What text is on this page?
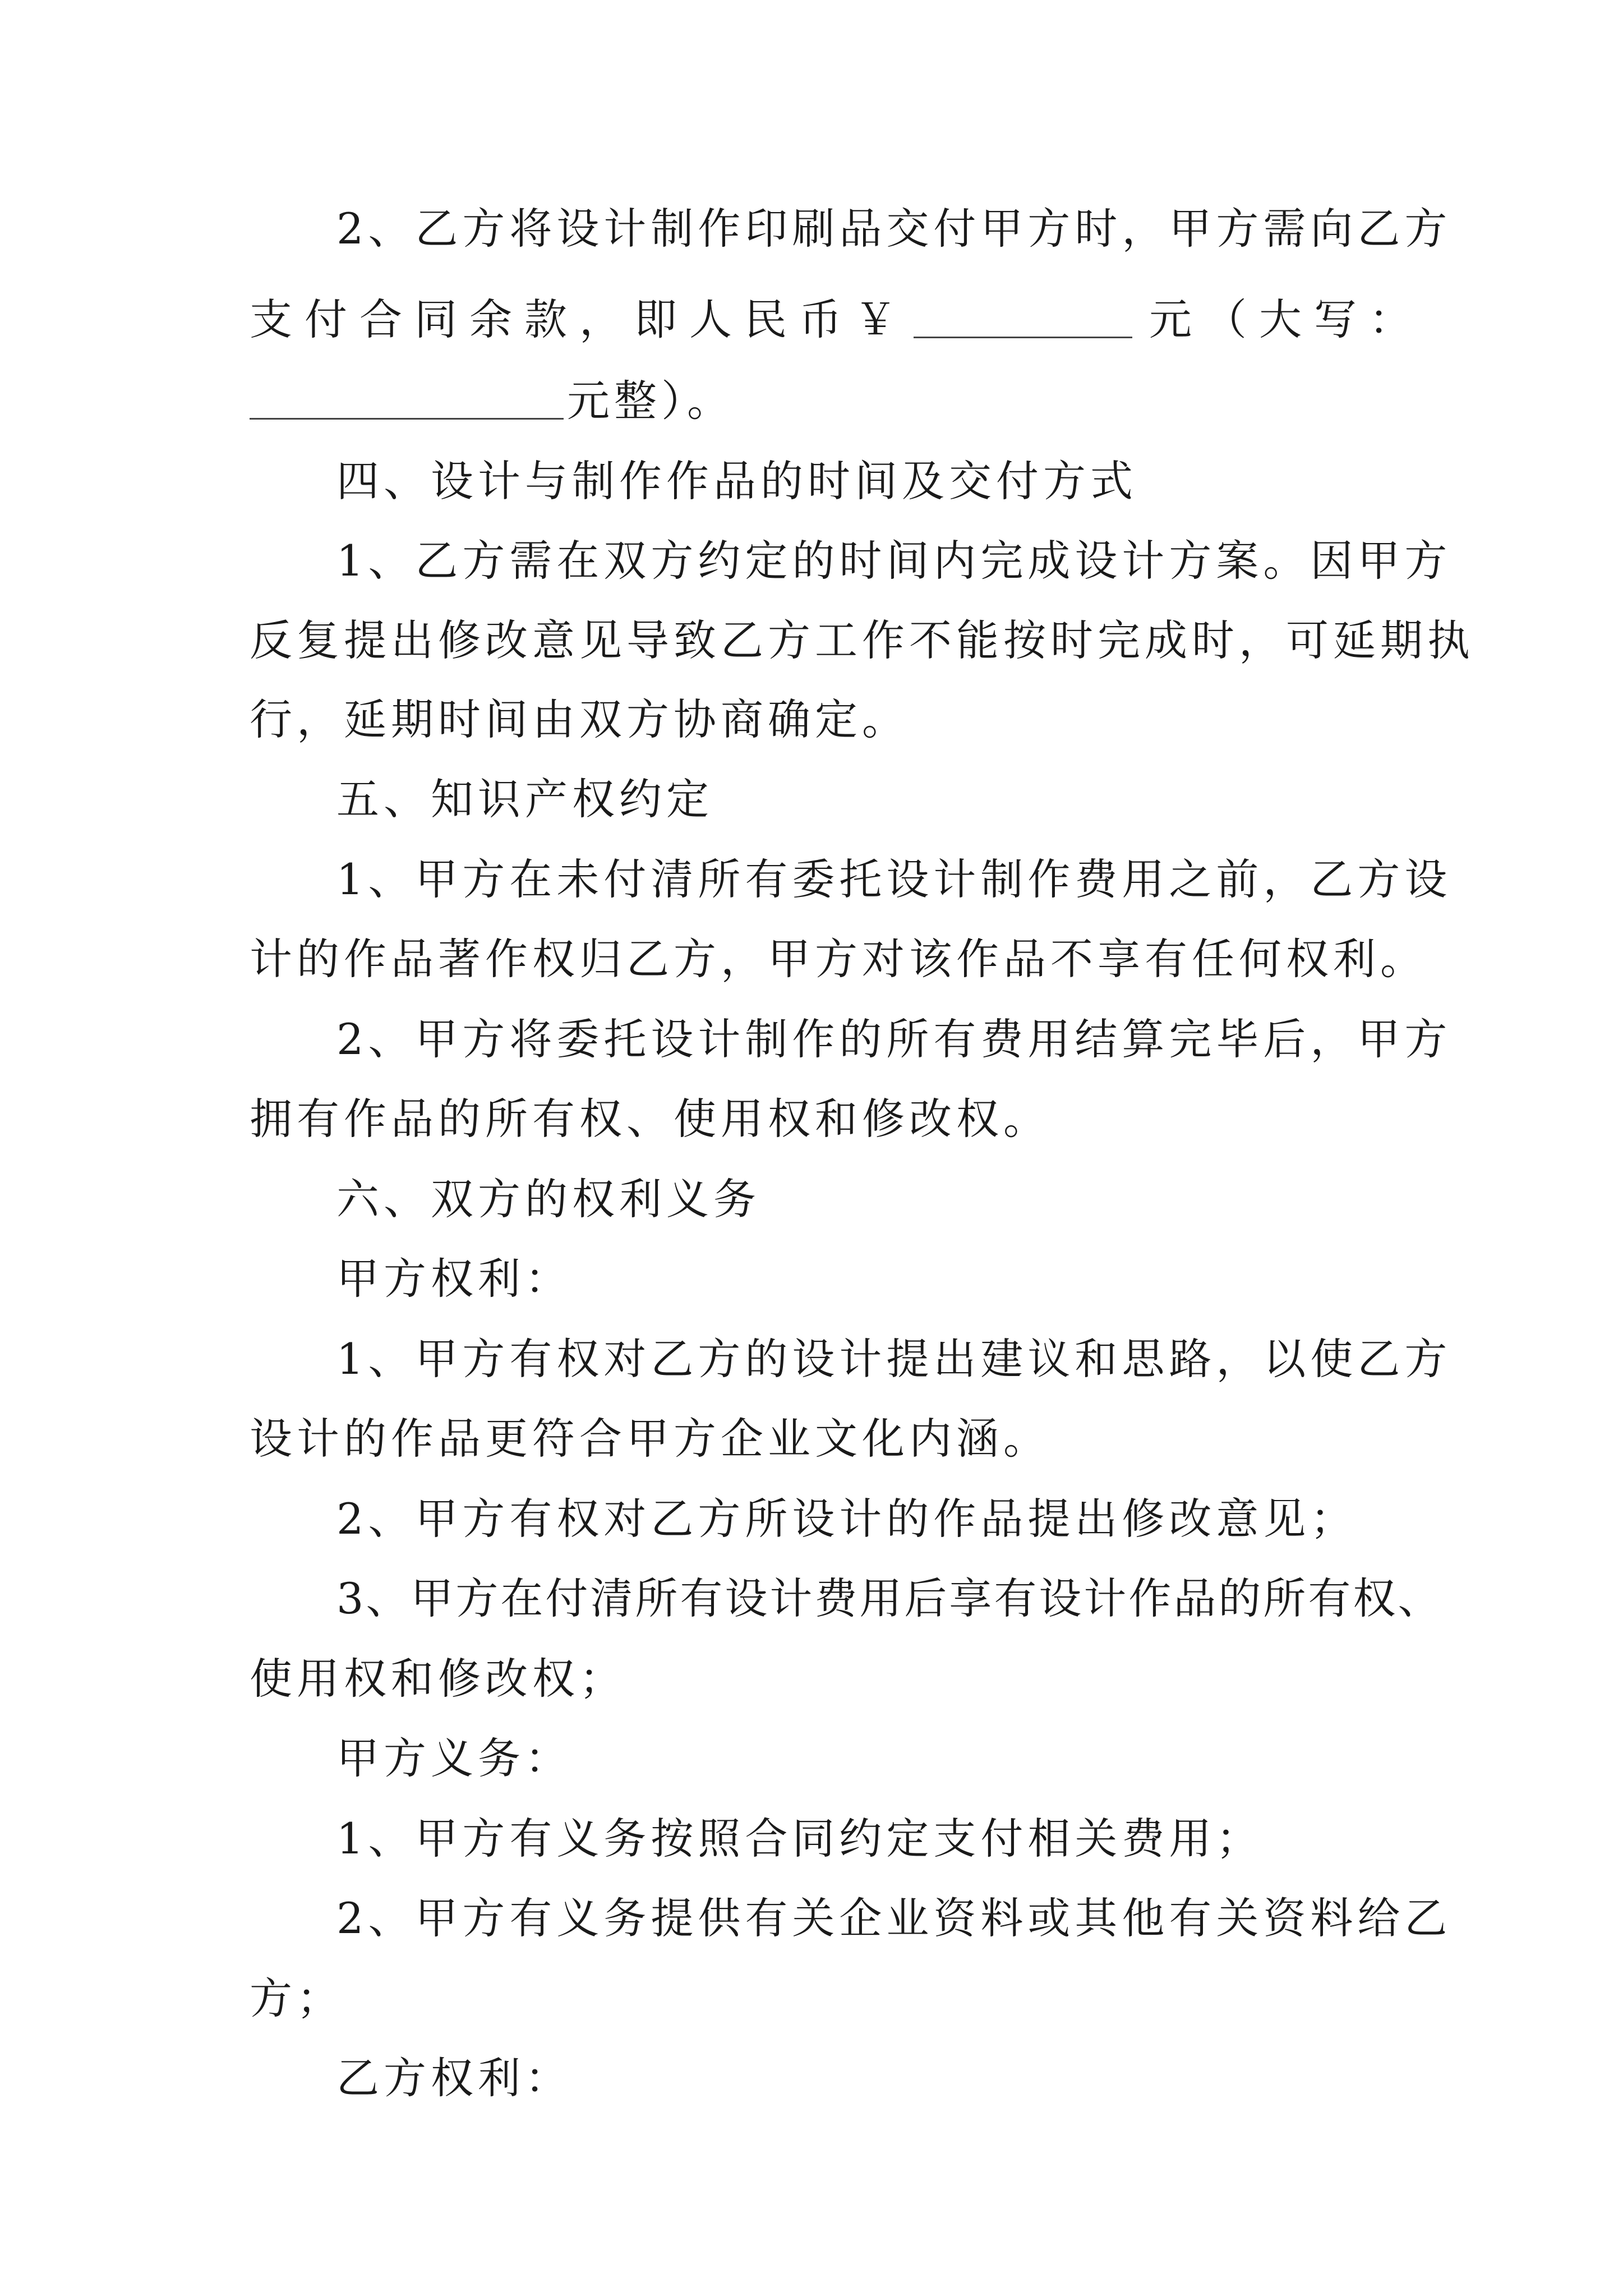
2、乙方将设计制作印刷品交付甲方时，甲方需向乙方
支付合同余款，即人民币￥	元（大写：
元整）。
四、设计与制作作品的时间及交付方式
1、乙方需在双方约定的时间内完成设计方案。因甲方
反复提出修改意见导致乙方工作不能按时完成时，可延期执
行，延期时间由双方协商确定。
五、知识产权约定
1、甲方在未付清所有委托设计制作费用之前，乙方设
计的作品著作权归乙方，甲方对该作品不享有任何权利。
2、甲方将委托设计制作的所有费用结算完毕后，甲方
拥有作品的所有权、使用权和修改权。
六、双方的权利义务
甲方权利：
1、甲方有权对乙方的设计提出建议和思路，以使乙方
设计的作品更符合甲方企业文化内涵。
2、甲方有权对乙方所设计的作品提出修改意见；
3、甲方在付清所有设计费用后享有设计作品的所有权、
使用权和修改权；
甲方义务：
1、甲方有义务按照合同约定支付相关费用；
2、甲方有义务提供有关企业资料或其他有关资料给乙
方；
乙方权利：
